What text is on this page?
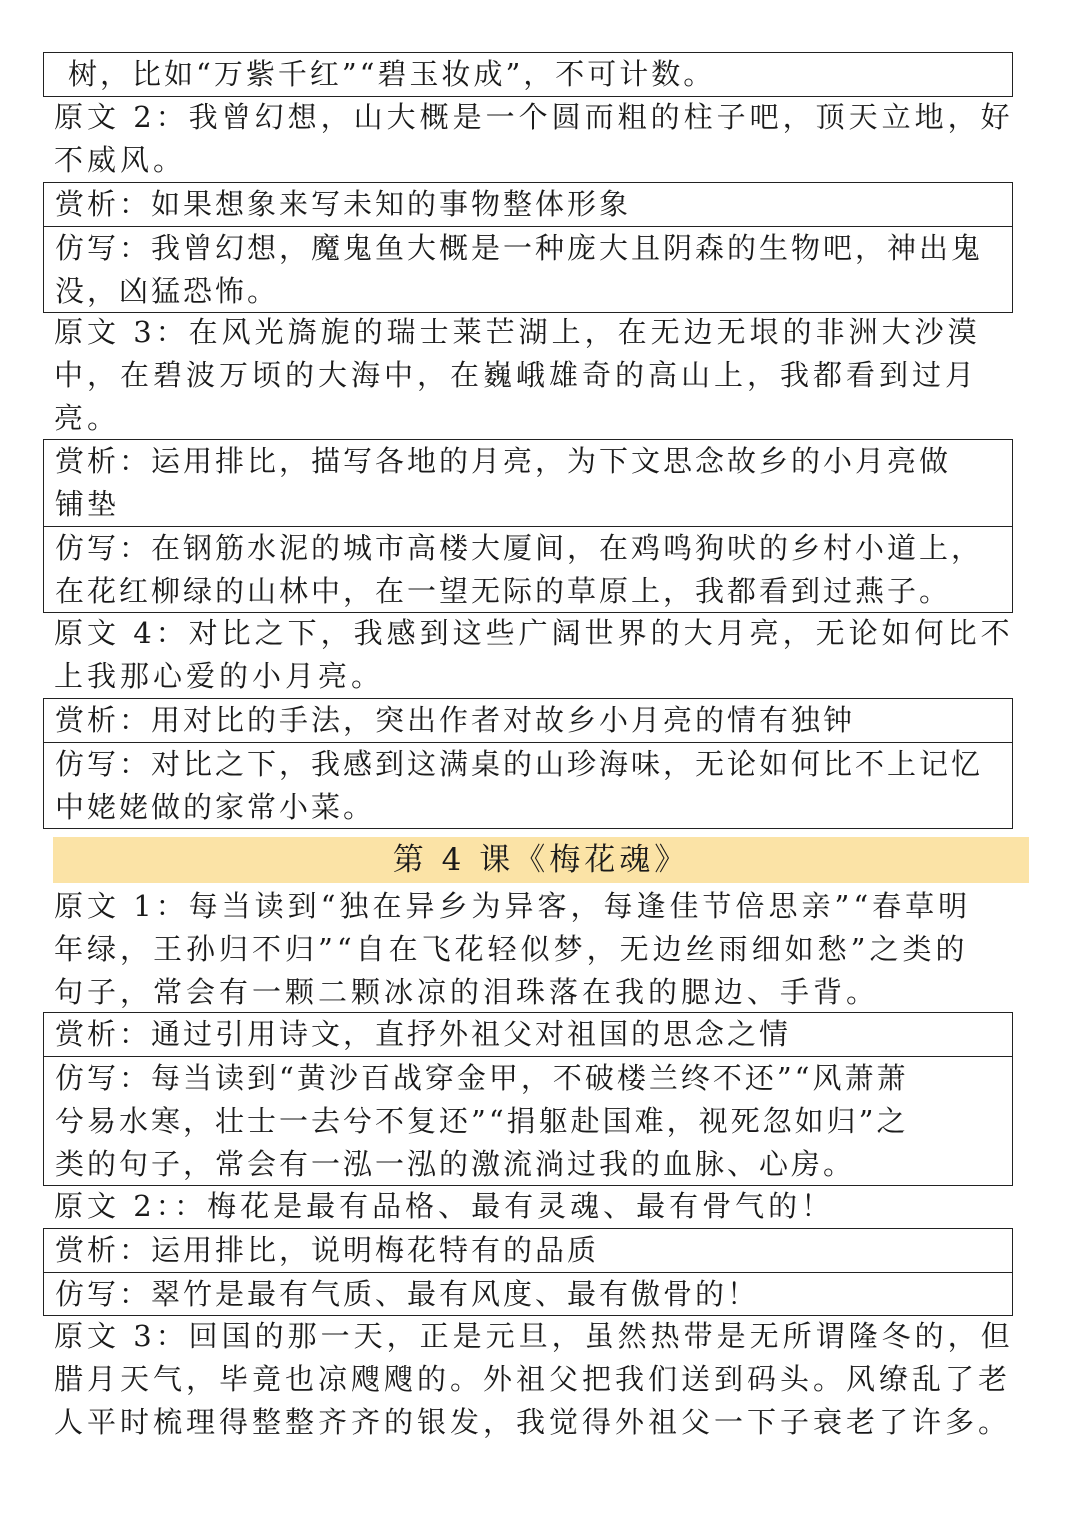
树，比如“万紫千红”“碧玉妆成”，不可计数。
原文 2：我曾幻想，山大概是一个圆而粗的柱子吧，顶天立地，好
不威风。
赏析：如果想象来写未知的事物整体形象
仿写：我曾幻想，魔鬼鱼大概是一种庞大且阴森的生物吧，神出鬼
没，凶猛恐怖。
原文 3：在风光旖旎的瑞士莱芒湖上，在无边无垠的非洲大沙漠
中，在碧波万顷的大海中，在巍峨雄奇的高山上，我都看到过月
亮。
赏析：运用排比，描写各地的月亮，为下文思念故乡的小月亮做
铺垫
仿写：在钢筋水泥的城市高楼大厦间，在鸡鸣狗吠的乡村小道上，
在花红柳绿的山林中，在一望无际的草原上，我都看到过燕子。
原文 4：对比之下，我感到这些广阔世界的大月亮，无论如何比不
上我那心爱的小月亮。
赏析：用对比的手法，突出作者对故乡小月亮的情有独钟
仿写：对比之下，我感到这满桌的山珍海味，无论如何比不上记忆
中姥姥做的家常小菜。
第 4 课《梅花魂》
原文 1：每当读到“独在异乡为异客，每逢佳节倍思亲”“春草明
年绿，王孙归不归”“自在飞花轻似梦，无边丝雨细如愁”之类的
句子，常会有一颗二颗冰凉的泪珠落在我的腮边、手背。
赏析：通过引用诗文，直抒外祖父对祖国的思念之情
仿写：每当读到“黄沙百战穿金甲，不破楼兰终不还”“风萧萧
兮易水寒，壮士一去兮不复还”“捐躯赴国难，视死忽如归”之
类的句子，常会有一泓一泓的激流淌过我的血脉、心房。
原文 2：：梅花是最有品格、最有灵魂、最有骨气的！
赏析：运用排比，说明梅花特有的品质
仿写：翠竹是最有气质、最有风度、最有傲骨的！
原文 3：回国的那一天，正是元旦，虽然热带是无所谓隆冬的，但
腊月天气，毕竟也凉飕飕的。外祖父把我们送到码头。风缭乱了老
人平时梳理得整整齐齐的银发，我觉得外祖父一下子衰老了许多。
